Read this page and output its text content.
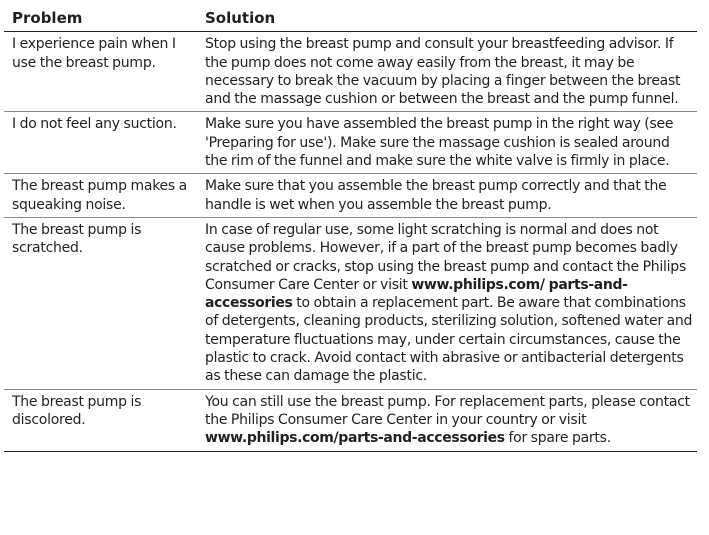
Problem	Solution
I experience pain when I use the breast pump.	Stop using the breast pump and consult your breastfeeding advisor. If the pump does not come away easily from the breast, it may be necessary to break the vacuum by placing a finger between the breast and the massage cushion or between the breast and the pump funnel.
I do not feel any suction.	Make sure you have assembled the breast pump in the right way (see 'Preparing for use'). Make sure the massage cushion is sealed around the rim of the funnel and make sure the white valve is firmly in place.
The breast pump makes a squeaking noise.	Make sure that you assemble the breast pump correctly and that the handle is wet when you assemble the breast pump.
The breast pump is scratched.	In case of regular use, some light scratching is normal and does not cause problems. However, if a part of the breast pump becomes badly scratched or cracks, stop using the breast pump and contact the Philips Consumer Care Center or visit www.philips.com/ parts-and-accessories to obtain a replacement part. Be aware that combinations of detergents, cleaning products, sterilizing solution, softened water and temperature fluctuations may, under certain circumstances, cause the plastic to crack. Avoid contact with abrasive or antibacterial detergents as these can damage the plastic.
The breast pump is discolored.	You can still use the breast pump. For replacement parts, please contact the Philips Consumer Care Center in your country or visit www.philips.com/parts-and-accessories for spare parts.
